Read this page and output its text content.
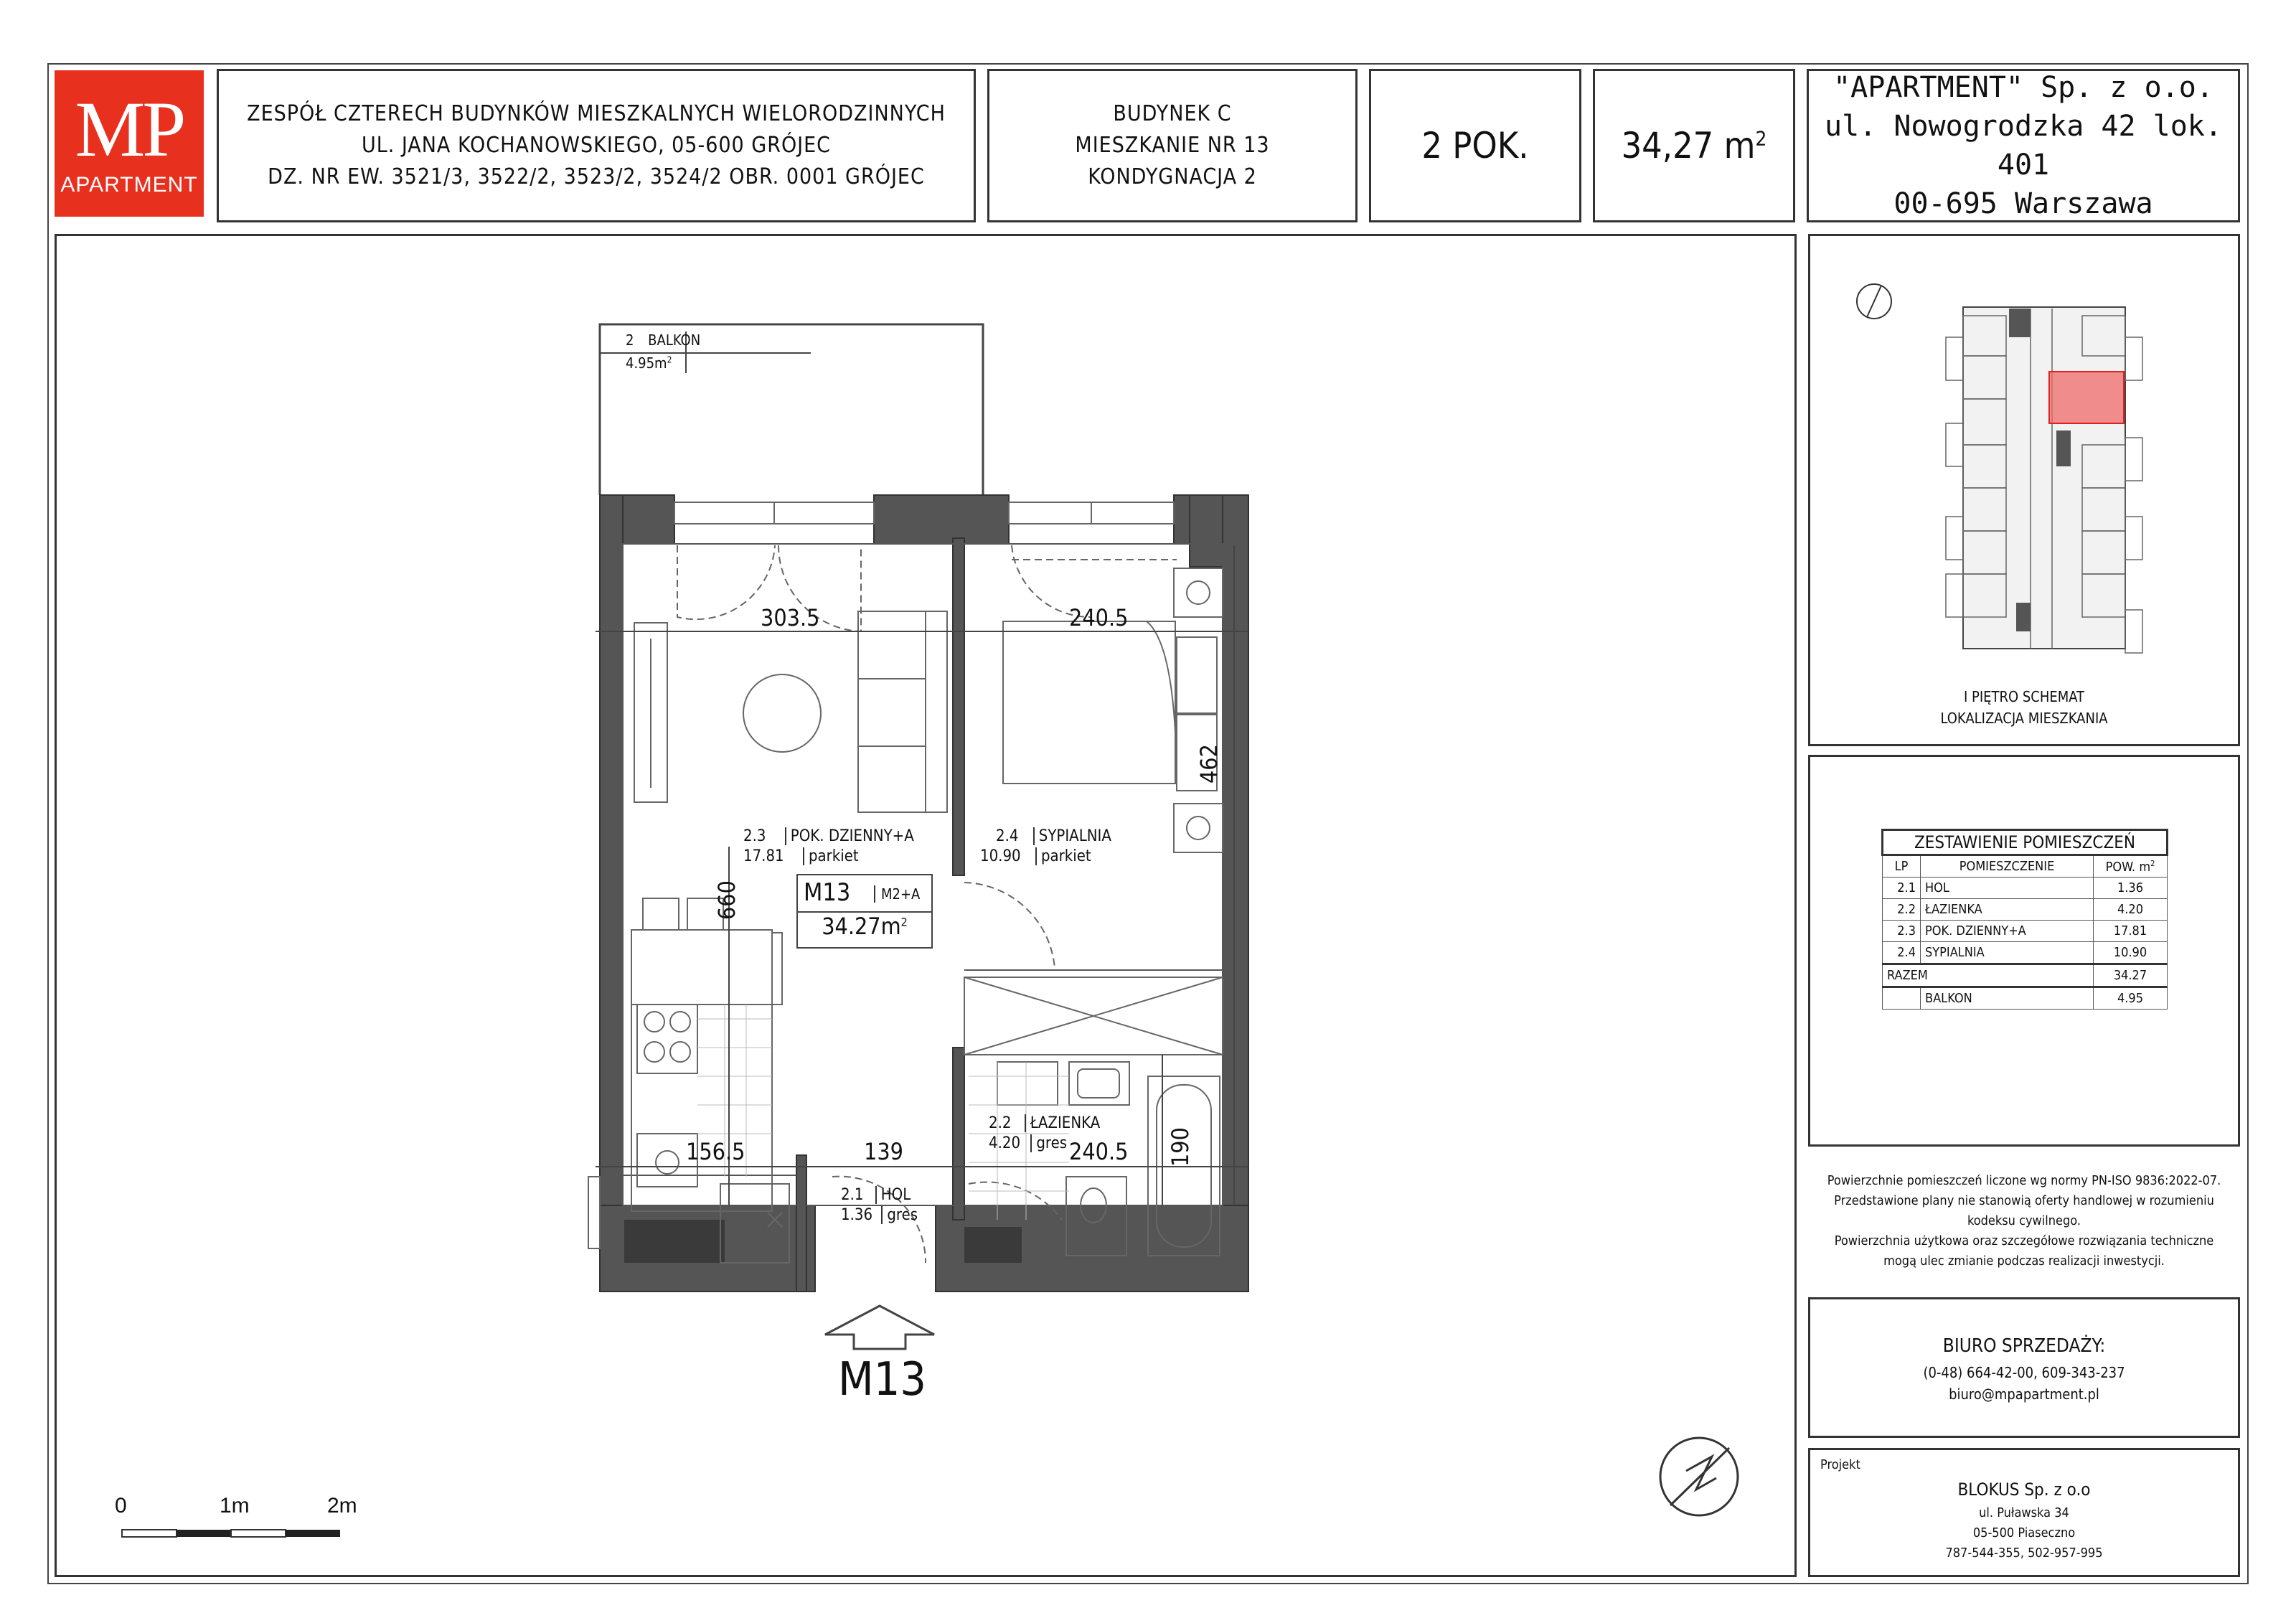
MP
APARTMENT
ZESPÓŁ CZTERECH BUDYNKÓW MIESZKALNYCH WIELORODZINNYCH
UL. JANA KOCHANOWSKIEGO, 05-600 GRÓJEC
DZ. NR EW. 3521/3, 3522/2, 3523/2, 3524/2 OBR. 0001 GRÓJEC
BUDYNEK C
MIESZKANIE NR 13
KONDYGNACJA 2
2 POK.	34,27 $m^2$
"APARTMENT" Sp. z o.o.
ul. Nowogrodzka 42 lok. 401
00-695 Warszawa
2 BALKON
$4.95m^2$
2.3 POK. DZIENNY+A
17.81 parkiet
2.4 SYPIALNIA
10.90 parkiet
2.2 ŁAZIENKA
4.20 gres
2.1 HOL
1.36 gres
M13	M2+A
$34.27m^2$
303.5	240.5
462
660
156.5	139	240.5 190
M13
0	1m	2m
I PIĘTRO SCHEMAT
LOKALIZACJA MIESZKANIA
ZESTAWIENIE POMIESZCZEŃ		
LP	POMIESZCZENIE	POW. $m^2$
2.1	HOL	1.36
2.2	ŁAZIENKA	4.20
2.3	POK. DZIENNY+A	17.81
2.4	SYPIALNIA	10.90
RAZEM		34.27
	BALKON	4.95
Powierzchnie pomieszczeń liczone wg normy PN-ISO 9836:2022-07.
Przedstawione plany nie stanowią oferty handlowej w rozumieniu
kodeksu cywilnego.
Powierzchnia użytkowa oraz szczegółowe rozwiązania techniczne
mogą ulec zmianie podczas realizacji inwestycji.
BIURO SPRZEDAŻY:
(0-48) 664-42-00, 609-343-237
biuro@mpapartment.pl
Projekt
BLOKUS Sp. z o.o
ul. Puławska 34
05-500 Piaseczno
787-544-355, 502-957-995
